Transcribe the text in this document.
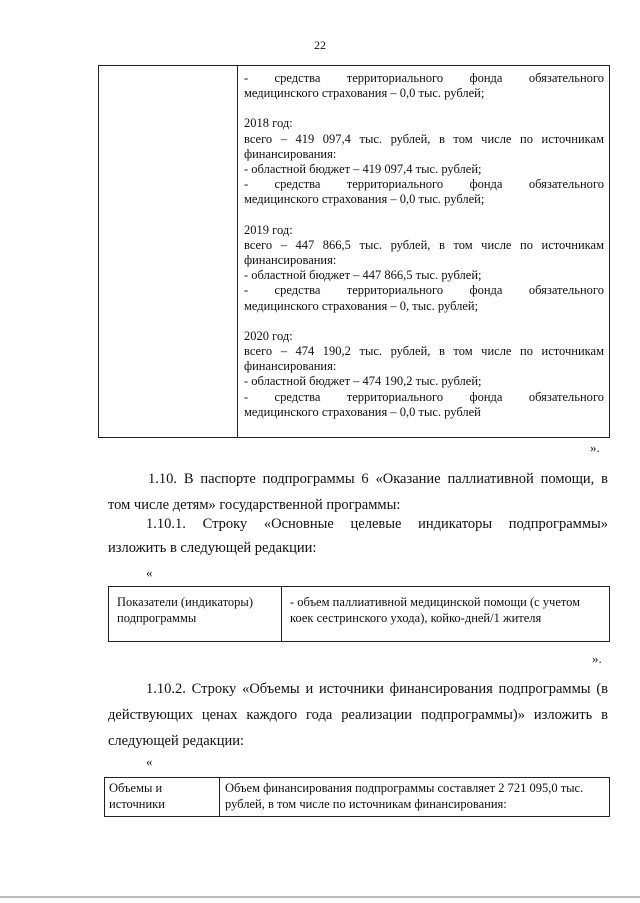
22

- средства территориального фонда обязательного

медицинского страхования – 0,0 тыс. рублей;

2018 год:

всего – 419 097,4 тыс. рублей, в том числе по источникам

финансирования:

- областной бюджет – 419 097,4 тыс. рублей;

- средства территориального фонда обязательного

медицинского страхования – 0,0 тыс. рублей;

2019 год:

всего – 447 866,5 тыс. рублей, в том числе по источникам

финансирования:

- областной бюджет – 447 866,5 тыс. рублей;

- средства территориального фонда обязательного

медицинского страхования – 0, тыс. рублей;

2020 год:

всего – 474 190,2 тыс. рублей, в том числе по источникам

финансирования:

- областной бюджет – 474 190,2 тыс. рублей;

- средства территориального фонда обязательного

медицинского страхования – 0,0 тыс. рублей

».

1.10. В паспорте подпрограммы 6 «Оказание паллиативной помощи, в том числе детям» государственной программы:

1.10.1. Строку «Основные целевые индикаторы подпрограммы»

изложить в следующей редакции:

«
Показатели (индикаторы) подпрограммы
- объем паллиативной медицинской помощи (с учетом коек сестринского ухода), койко-дней/1 жителя
».

1.10.2. Строку «Объемы и источники финансирования подпрограммы (в действующих ценах каждого года реализации подпрограммы)» изложить в следующей редакции:

«
Объемы и источники
Объем финансирования подпрограммы составляет 2 721 095,0 тыс. рублей, в том числе по источникам финансирования:
